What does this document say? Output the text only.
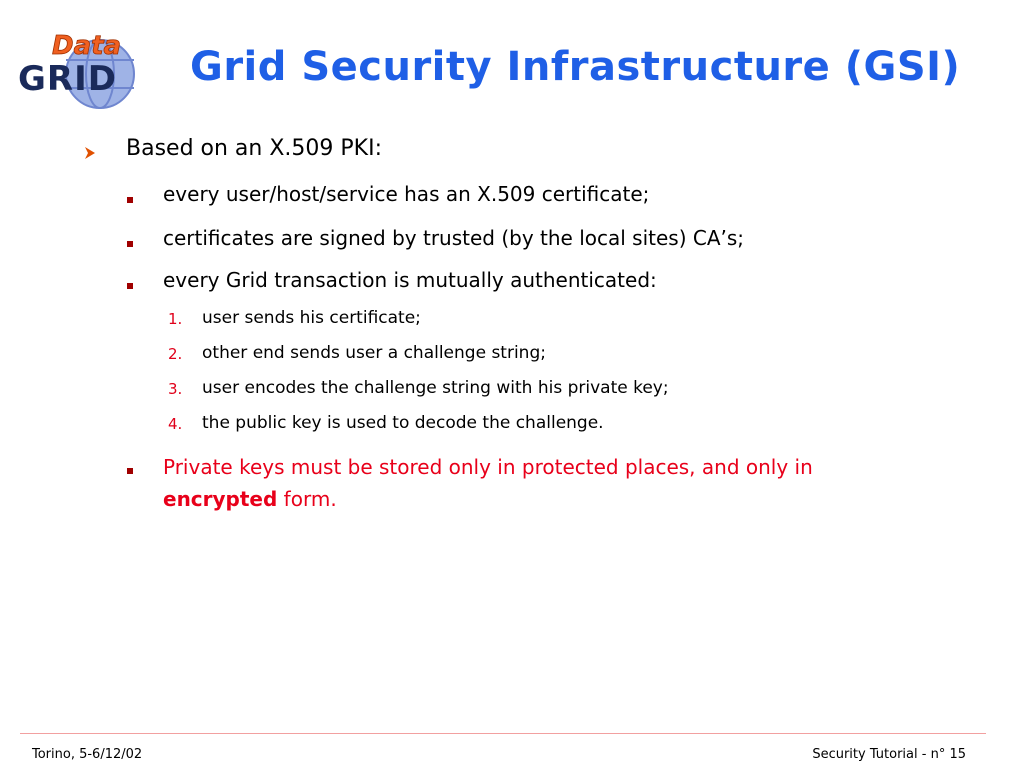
Data
GRID Grid Security Infrastructure (GSI)
Based on an X.509 PKI:
every user/host/service has an X.509 certificate;
certificates are signed by trusted (by the local sites) CA’s;
every Grid transaction is mutually authenticated:
1. user sends his certificate;
2. other end sends user a challenge string;
3. user encodes the challenge string with his private key;
4. the public key is used to decode the challenge.
Private keys must be stored only in protected places, and only in
encrypted form.
Torino, 5-6/12/02	Security Tutorial - n° 15
